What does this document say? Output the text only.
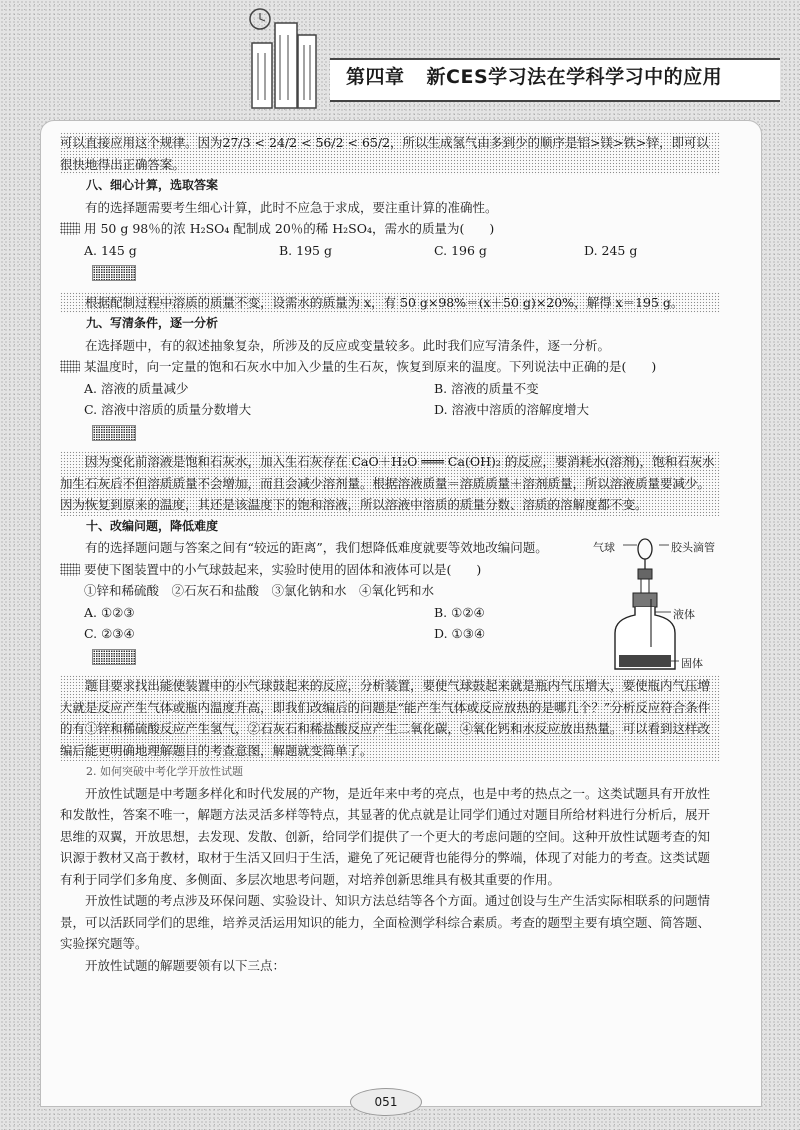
第四章 新CES学习法在学科学习中的应用

可以直接应用这个规律。因为27/3 < 24/2 < 56/2 < 65/2，所以生成氢气由多到少的顺序是铝>镁>铁>锌，即可以很快地得出正确答案。

八、细心计算，选取答案

有的选择题需要考生细心计算，此时不应急于求成，要注重计算的准确性。

用 50 g 98％的浓 H₂SO₄ 配制成 20％的稀 H₂SO₄，需水的质量为(　　)

A. 145 g	B. 195 g	C. 196 g	D. 245 g

根据配制过程中溶质的质量不变，设需水的质量为 x，有 50 g×98%＝(x＋50 g)×20%，解得 x＝195 g。

九、写清条件，逐一分析

在选择题中，有的叙述抽象复杂，所涉及的反应或变量较多。此时我们应写清条件，逐一分析。

某温度时，向一定量的饱和石灰水中加入少量的生石灰，恢复到原来的温度。下列说法中正确的是(　　)

A. 溶液的质量减少	B. 溶液的质量不变
C. 溶液中溶质的质量分数增大	D. 溶液中溶质的溶解度增大

因为变化前溶液是饱和石灰水，加入生石灰存在 CaO＋H₂O ═══ Ca(OH)₂ 的反应，要消耗水(溶剂)，饱和石灰水加生石灰后不但溶质质量不会增加，而且会减少溶剂量。根据溶液质量＝溶质质量＋溶剂质量，所以溶液质量要减少。因为恢复到原来的温度，其还是该温度下的饱和溶液，所以溶液中溶质的质量分数、溶质的溶解度都不变。

十、改编问题，降低难度

有的选择题问题与答案之间有“较远的距离”，我们想降低难度就要等效地改编问题。

要使下图装置中的小气球鼓起来，实验时使用的固体和液体可以是(　　)

①锌和稀硫酸　②石灰石和盐酸　③氯化钠和水　④氧化钙和水

A. ①②③	B. ①②④
C. ②③④	D. ①③④
气球	胶头滴管
液体
固体

题目要求找出能使装置中的小气球鼓起来的反应，分析装置，要使气球鼓起来就是瓶内气压增大，要使瓶内气压增大就是反应产生气体或瓶内温度升高，即我们改编后的问题是“能产生气体或反应放热的是哪几个？”分析反应符合条件的有①锌和稀硫酸反应产生氢气，②石灰石和稀盐酸反应产生二氧化碳，④氧化钙和水反应放出热量。可以看到这样改编后能更明确地理解题目的考查意图，解题就变简单了。

2. 如何突破中考化学开放性试题

开放性试题是中考题多样化和时代发展的产物，是近年来中考的亮点，也是中考的热点之一。这类试题具有开放性和发散性，答案不唯一，解题方法灵活多样等特点，其显著的优点就是让同学们通过对题目所给材料进行分析后，展开思维的双翼，开放思想，去发现、发散、创新，给同学们提供了一个更大的考虑问题的空间。这种开放性试题考查的知识源于教材又高于教材，取材于生活又回归于生活，避免了死记硬背也能得分的弊端，体现了对能力的考查。这类试题有利于同学们多角度、多侧面、多层次地思考问题，对培养创新思维具有极其重要的作用。

开放性试题的考点涉及环保问题、实验设计、知识方法总结等各个方面。通过创设与生产生活实际相联系的问题情景，可以活跃同学们的思维，培养灵活运用知识的能力，全面检测学科综合素质。考查的题型主要有填空题、简答题、实验探究题等。

开放性试题的解题要领有以下三点：

051
